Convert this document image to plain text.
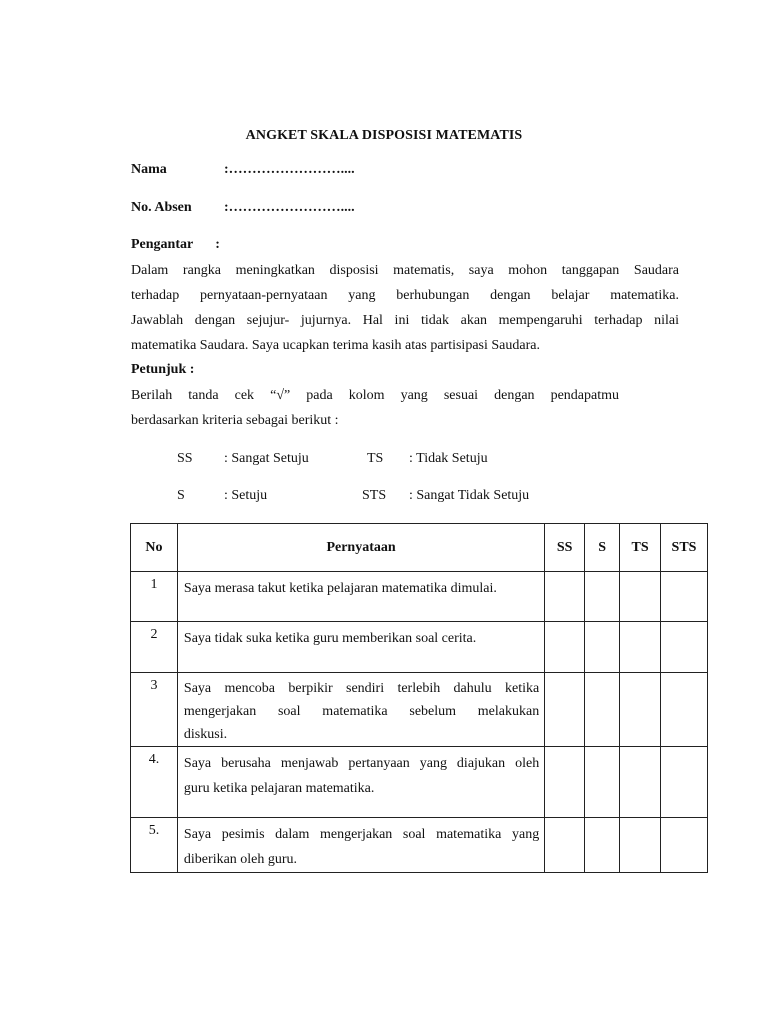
ANGKET SKALA DISPOSISI MATEMATIS
Nama	:……………………....
No. Absen :……………………....
Pengantar :
Dalam rangka meningkatkan disposisi matematis, saya mohon tanggapan Saudara
terhadap pernyataan-pernyataan yang berhubungan dengan belajar matematika.
Jawablah dengan sejujur- jujurnya. Hal ini tidak akan mempengaruhi terhadap nilai
matematika Saudara. Saya ucapkan terima kasih atas partisipasi Saudara.
Petunjuk :
Berilah tanda cek “√” pada kolom yang sesuai dengan pendapatmu
berdasarkan kriteria sebagai berikut :
SS : Sangat Setuju	TS : Tidak Setuju
S	: Setuju	STS : Sangat Tidak Setuju
No	Pernyataan	SS	S	TS	STS
1	Saya merasa takut ketika pelajaran matematika dimulai.				

2	Saya tidak suka ketika guru memberikan soal cerita.				

3	Saya mencoba berpikir sendiri terlebih dahulu ketika
mengerjakan soal matematika sebelum melakukan
diskusi.				

4.	Saya berusaha menjawab pertanyaan yang diajukan oleh
guru ketika pelajaran matematika.				

5.	Saya pesimis dalam mengerjakan soal matematika yang
diberikan oleh guru.				
